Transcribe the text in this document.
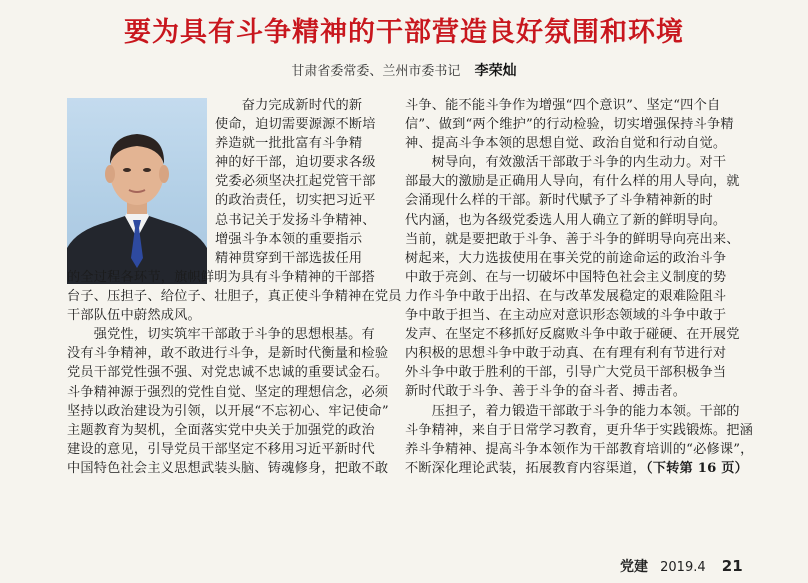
要为具有斗争精神的干部营造良好氛围和环境
甘肃省委常委、兰州市委书记 李荣灿
　　奋力完成新时代的新
使命，迫切需要源源不断培
养造就一批批富有斗争精
神的好干部，迫切要求各级
党委必须坚决扛起党管干部
的政治责任，切实把习近平
总书记关于发扬斗争精神、
增强斗争本领的重要指示
精神贯穿到干部选拔任用
的全过程各环节，旗帜鲜明为具有斗争精神的干部搭
台子、压担子、给位子、壮胆子，真正使斗争精神在党员
干部队伍中蔚然成风。
　　强党性，切实筑牢干部敢于斗争的思想根基。有
没有斗争精神，敢不敢进行斗争，是新时代衡量和检验
党员干部党性强不强、对党忠诚不忠诚的重要试金石。
斗争精神源于强烈的党性自觉、坚定的理想信念，必须
坚持以政治建设为引领，以开展“不忘初心、牢记使命”
主题教育为契机，全面落实党中央关于加强党的政治
建设的意见，引导党员干部坚定不移用习近平新时代
中国特色社会主义思想武装头脑、铸魂修身，把敢不敢
斗争、能不能斗争作为增强“四个意识”、坚定“四个自
信”、做到“两个维护”的行动检验，切实增强保持斗争精
神、提高斗争本领的思想自觉、政治自觉和行动自觉。
　　树导向，有效激活干部敢于斗争的内生动力。对干
部最大的激励是正确用人导向，有什么样的用人导向，就
会涌现什么样的干部。新时代赋予了斗争精神新的时
代内涵，也为各级党委选人用人确立了新的鲜明导向。
当前，就是要把敢于斗争、善于斗争的鲜明导向亮出来、
树起来，大力选拔使用在事关党的前途命运的政治斗争
中敢于亮剑、在与一切破坏中国特色社会主义制度的势
力作斗争中敢于出招、在与改革发展稳定的艰难险阻斗
争中敢于担当、在主动应对意识形态领域的斗争中敢于
发声、在坚定不移抓好反腐败斗争中敢于碰硬、在开展党
内积极的思想斗争中敢于动真、在有理有利有节进行对
外斗争中敢于胜利的干部，引导广大党员干部积极争当
新时代敢于斗争、善于斗争的奋斗者、搏击者。
　　压担子，着力锻造干部敢于斗争的能力本领。干部的
斗争精神，来自于日常学习教育，更升华于实践锻炼。把涵
养斗争精神、提高斗争本领作为干部教育培训的“必修课”，
不断深化理论武装，拓展教育内容渠道，（下转第 16 页）
党建 2019.4 21
